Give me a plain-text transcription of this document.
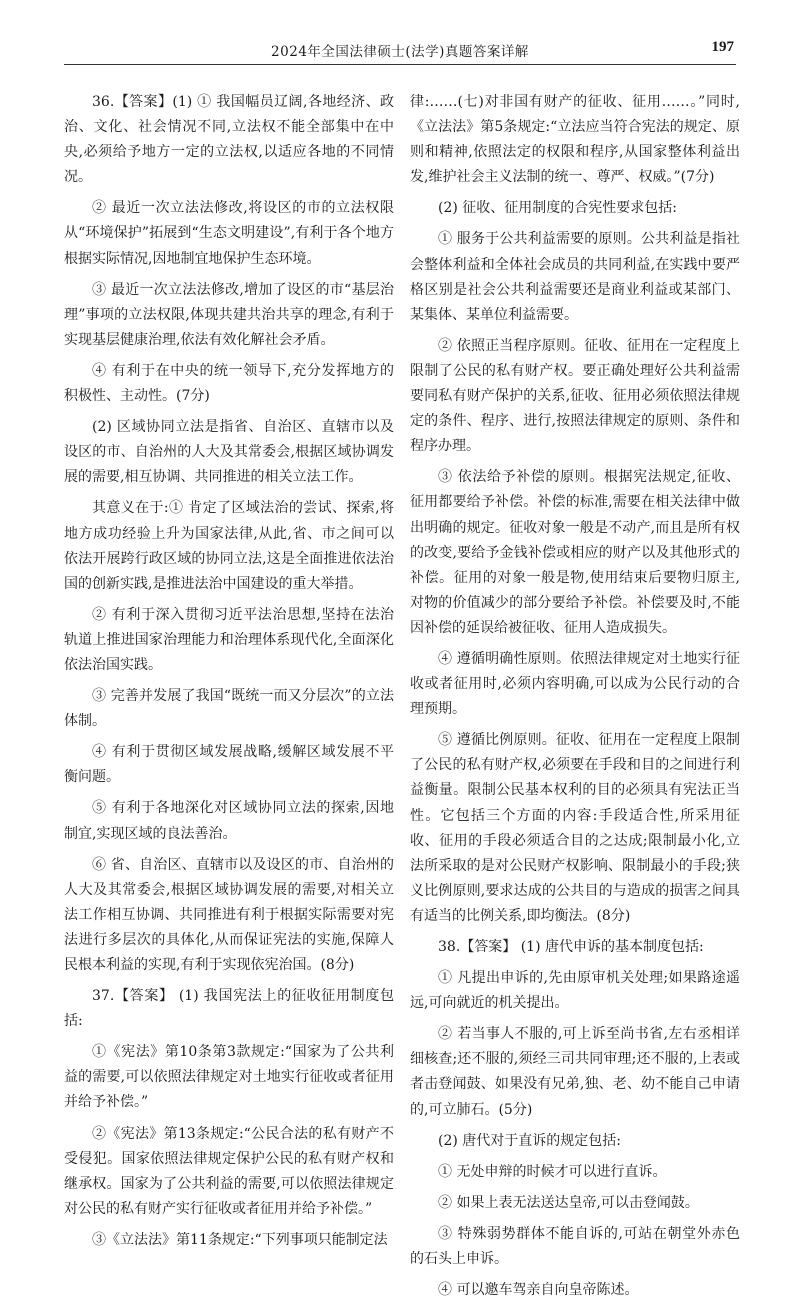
2024年全国法律硕士(法学)真题答案详解	197

36.【答案】(1) ① 我国幅员辽阔,各地经济、政治、文化、社会情况不同,立法权不能全部集中在中央,必须给予地方一定的立法权,以适应各地的不同情况。

② 最近一次立法法修改,将设区的市的立法权限从“环境保护”拓展到“生态文明建设”,有利于各个地方根据实际情况,因地制宜地保护生态环境。

③ 最近一次立法法修改,增加了设区的市“基层治理”事项的立法权限,体现共建共治共享的理念,有利于实现基层健康治理,依法有效化解社会矛盾。

④ 有利于在中央的统一领导下,充分发挥地方的积极性、主动性。(7分)

(2) 区域协同立法是指省、自治区、直辖市以及设区的市、自治州的人大及其常委会,根据区域协调发展的需要,相互协调、共同推进的相关立法工作。

其意义在于:① 肯定了区域法治的尝试、探索,将地方成功经验上升为国家法律,从此,省、市之间可以依法开展跨行政区域的协同立法,这是全面推进依法治国的创新实践,是推进法治中国建设的重大举措。

② 有利于深入贯彻习近平法治思想,坚持在法治轨道上推进国家治理能力和治理体系现代化,全面深化依法治国实践。

③ 完善并发展了我国“既统一而又分层次”的立法体制。

④ 有利于贯彻区域发展战略,缓解区域发展不平衡问题。

⑤ 有利于各地深化对区域协同立法的探索,因地制宜,实现区域的良法善治。

⑥ 省、自治区、直辖市以及设区的市、自治州的人大及其常委会,根据区域协调发展的需要,对相关立法工作相互协调、共同推进有利于根据实际需要对宪法进行多层次的具体化,从而保证宪法的实施,保障人民根本利益的实现,有利于实现依宪治国。(8分)

37.【答案】 (1) 我国宪法上的征收征用制度包括:

①《宪法》第10条第3款规定:“国家为了公共利益的需要,可以依照法律规定对土地实行征收或者征用并给予补偿。”

②《宪法》第13条规定:“公民合法的私有财产不受侵犯。国家依照法律规定保护公民的私有财产权和继承权。国家为了公共利益的需要,可以依照法律规定对公民的私有财产实行征收或者征用并给予补偿。”

③《立法法》第11条规定:“下列事项只能制定法

律:……(七)对非国有财产的征收、征用……。”同时,《立法法》第5条规定:“立法应当符合宪法的规定、原则和精神,依照法定的权限和程序,从国家整体利益出发,维护社会主义法制的统一、尊严、权威。”(7分)

(2) 征收、征用制度的合宪性要求包括:

① 服务于公共利益需要的原则。公共利益是指社会整体利益和全体社会成员的共同利益,在实践中要严格区别是社会公共利益需要还是商业利益或某部门、某集体、某单位利益需要。

② 依照正当程序原则。征收、征用在一定程度上限制了公民的私有财产权。要正确处理好公共利益需要同私有财产保护的关系,征收、征用必须依照法律规定的条件、程序、进行,按照法律规定的原则、条件和程序办理。

③ 依法给予补偿的原则。根据宪法规定,征收、征用都要给予补偿。补偿的标准,需要在相关法律中做出明确的规定。征收对象一般是不动产,而且是所有权的改变,要给予金钱补偿或相应的财产以及其他形式的补偿。征用的对象一般是物,使用结束后要物归原主,对物的价值减少的部分要给予补偿。补偿要及时,不能因补偿的延误给被征收、征用人造成损失。

④ 遵循明确性原则。依照法律规定对土地实行征收或者征用时,必须内容明确,可以成为公民行动的合理预期。

⑤ 遵循比例原则。征收、征用在一定程度上限制了公民的私有财产权,必须要在手段和目的之间进行利益衡量。限制公民基本权利的目的必须具有宪法正当性。它包括三个方面的内容:手段适合性,所采用征收、征用的手段必须适合目的之达成;限制最小化,立法所采取的是对公民财产权影响、限制最小的手段;狭义比例原则,要求达成的公共目的与造成的损害之间具有适当的比例关系,即均衡法。(8分)

38.【答案】 (1) 唐代申诉的基本制度包括:

① 凡提出申诉的,先由原审机关处理;如果路途遥远,可向就近的机关提出。

② 若当事人不服的,可上诉至尚书省,左右丞相详细核查;还不服的,须经三司共同审理;还不服的,上表或者击登闻鼓、如果没有兄弟,独、老、幼不能自己申请的,可立肺石。(5分)

(2) 唐代对于直诉的规定包括:

① 无处申辩的时候才可以进行直诉。

② 如果上表无法送达皇帝,可以击登闻鼓。

③ 特殊弱势群体不能自诉的,可站在朝堂外赤色的石头上申诉。

④ 可以邀车驾亲自向皇帝陈述。
